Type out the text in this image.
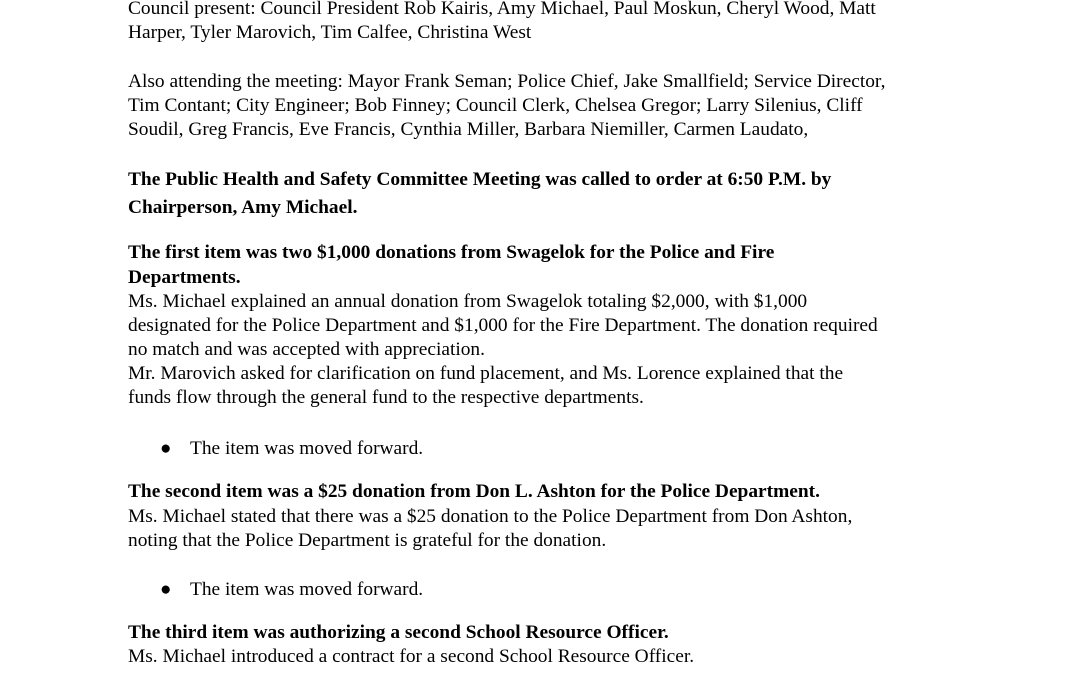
Council present: Council President Rob Kairis, Amy Michael, Paul Moskun, Cheryl Wood, Matt

Harper, Tyler Marovich, Tim Calfee, Christina West

Also attending the meeting: Mayor Frank Seman; Police Chief, Jake Smallfield; Service Director,

Tim Contant; City Engineer; Bob Finney; Council Clerk, Chelsea Gregor; Larry Silenius, Cliff

Soudil, Greg Francis, Eve Francis, Cynthia Miller, Barbara Niemiller, Carmen Laudato,

The Public Health and Safety Committee Meeting was called to order at 6:50 P.M. by

Chairperson, Amy Michael.

The first item was two $1,000 donations from Swagelok for the Police and Fire

Departments.

Ms. Michael explained an annual donation from Swagelok totaling $2,000, with $1,000

designated for the Police Department and $1,000 for the Fire Department. The donation required

no match and was accepted with appreciation.

Mr. Marovich asked for clarification on fund placement, and Ms. Lorence explained that the

funds flow through the general fund to the respective departments.

● The item was moved forward.

The second item was a $25 donation from Don L. Ashton for the Police Department.

Ms. Michael stated that there was a $25 donation to the Police Department from Don Ashton,

noting that the Police Department is grateful for the donation.

● The item was moved forward.

The third item was authorizing a second School Resource Officer.

Ms. Michael introduced a contract for a second School Resource Officer.
